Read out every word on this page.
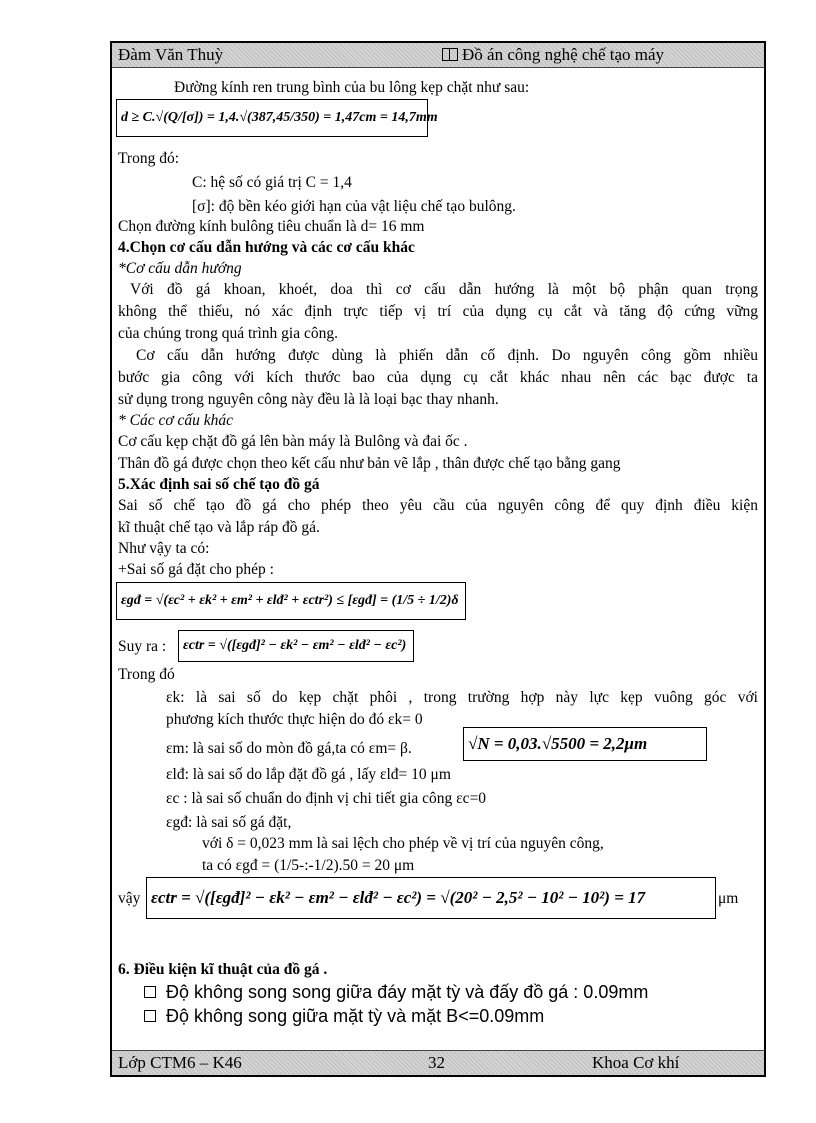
Đàm Văn Thuỳ	Đồ án công nghệ chế tạo máy
Đường kính ren trung bình của bu lông kẹp chặt như sau:
d ≥ C.√(Q/[σ]) = 1,4.√(387,45/350) = 1,47cm = 14,7mm
Trong đó:
C: hệ số có giá trị C = 1,4
[σ]: độ bền kéo giới hạn của vật liệu chế tạo bulông.
Chọn đường kính bulông tiêu chuẩn là d= 16 mm
4.Chọn cơ cấu dẫn hướng và các cơ cấu khác
*Cơ cấu dẫn hướng
Với đồ gá khoan, khoét, doa thì cơ cấu dẫn hướng là một bộ phận quan trọng
không thể thiếu, nó xác định trực tiếp vị trí của dụng cụ cắt và tăng độ cứng vững
của chúng trong quá trình gia công.
Cơ cấu dẫn hướng được dùng là phiến dẫn cố định. Do nguyên công gồm nhiều
bước gia công với kích thước bao của dụng cụ cắt khác nhau nên các bạc được ta
sử dụng trong nguyên công này đều là là loại bạc thay nhanh.
* Các cơ cấu khác
Cơ cấu kẹp chặt đồ gá lên bàn máy là Bulông và đai ốc .
Thân đồ gá được chọn theo kết cấu như bản vẽ lắp , thân được chế tạo bằng gang
5.Xác định sai số chế tạo đồ gá
Sai số chế tạo đồ gá cho phép theo yêu cầu của nguyên công để quy định điều kiện
kĩ thuật chế tạo và lắp ráp đồ gá.
Như vậy ta có:
+Sai số gá đặt cho phép :
εgđ = √(εc² + εk² + εm² + εlđ² + εctr²) ≤ [εgđ] = (1/5 ÷ 1/2)δ
Suy ra :	εctr = √([εgđ]² − εk² − εm² − εlđ² − εc²)
Trong đó
εk: là sai số do kẹp chặt phôi , trong trường hợp này lực kẹp vuông góc với
phương kích thước thực hiện do đó εk= 0
εm: là sai số do mòn đồ gá,ta có εm= β.	√N = 0,03.√5500 = 2,2μm
εlđ: là sai số do lắp đặt đồ gá , lấy εlđ= 10 μm
εc : là sai số chuẩn do định vị chi tiết gia công εc=0
εgđ: là sai số gá đặt,
với δ = 0,023 mm là sai lệch cho phép về vị trí của nguyên công,
ta có εgđ = (1/5-:-1/2).50 = 20 μm
vậy εctr = √([εgđ]² − εk² − εm² − εlđ² − εc²) = √(20² − 2,5² − 10² − 10²) = 17	μm
6. Điều kiện kĩ thuật của đồ gá .
Độ không song song giữa đáy mặt tỳ và đấy đồ gá : 0.09mm
Độ không song giữa mặt tỳ và mặt B<=0.09mm
Lớp CTM6 – K46	32	Khoa Cơ khí
